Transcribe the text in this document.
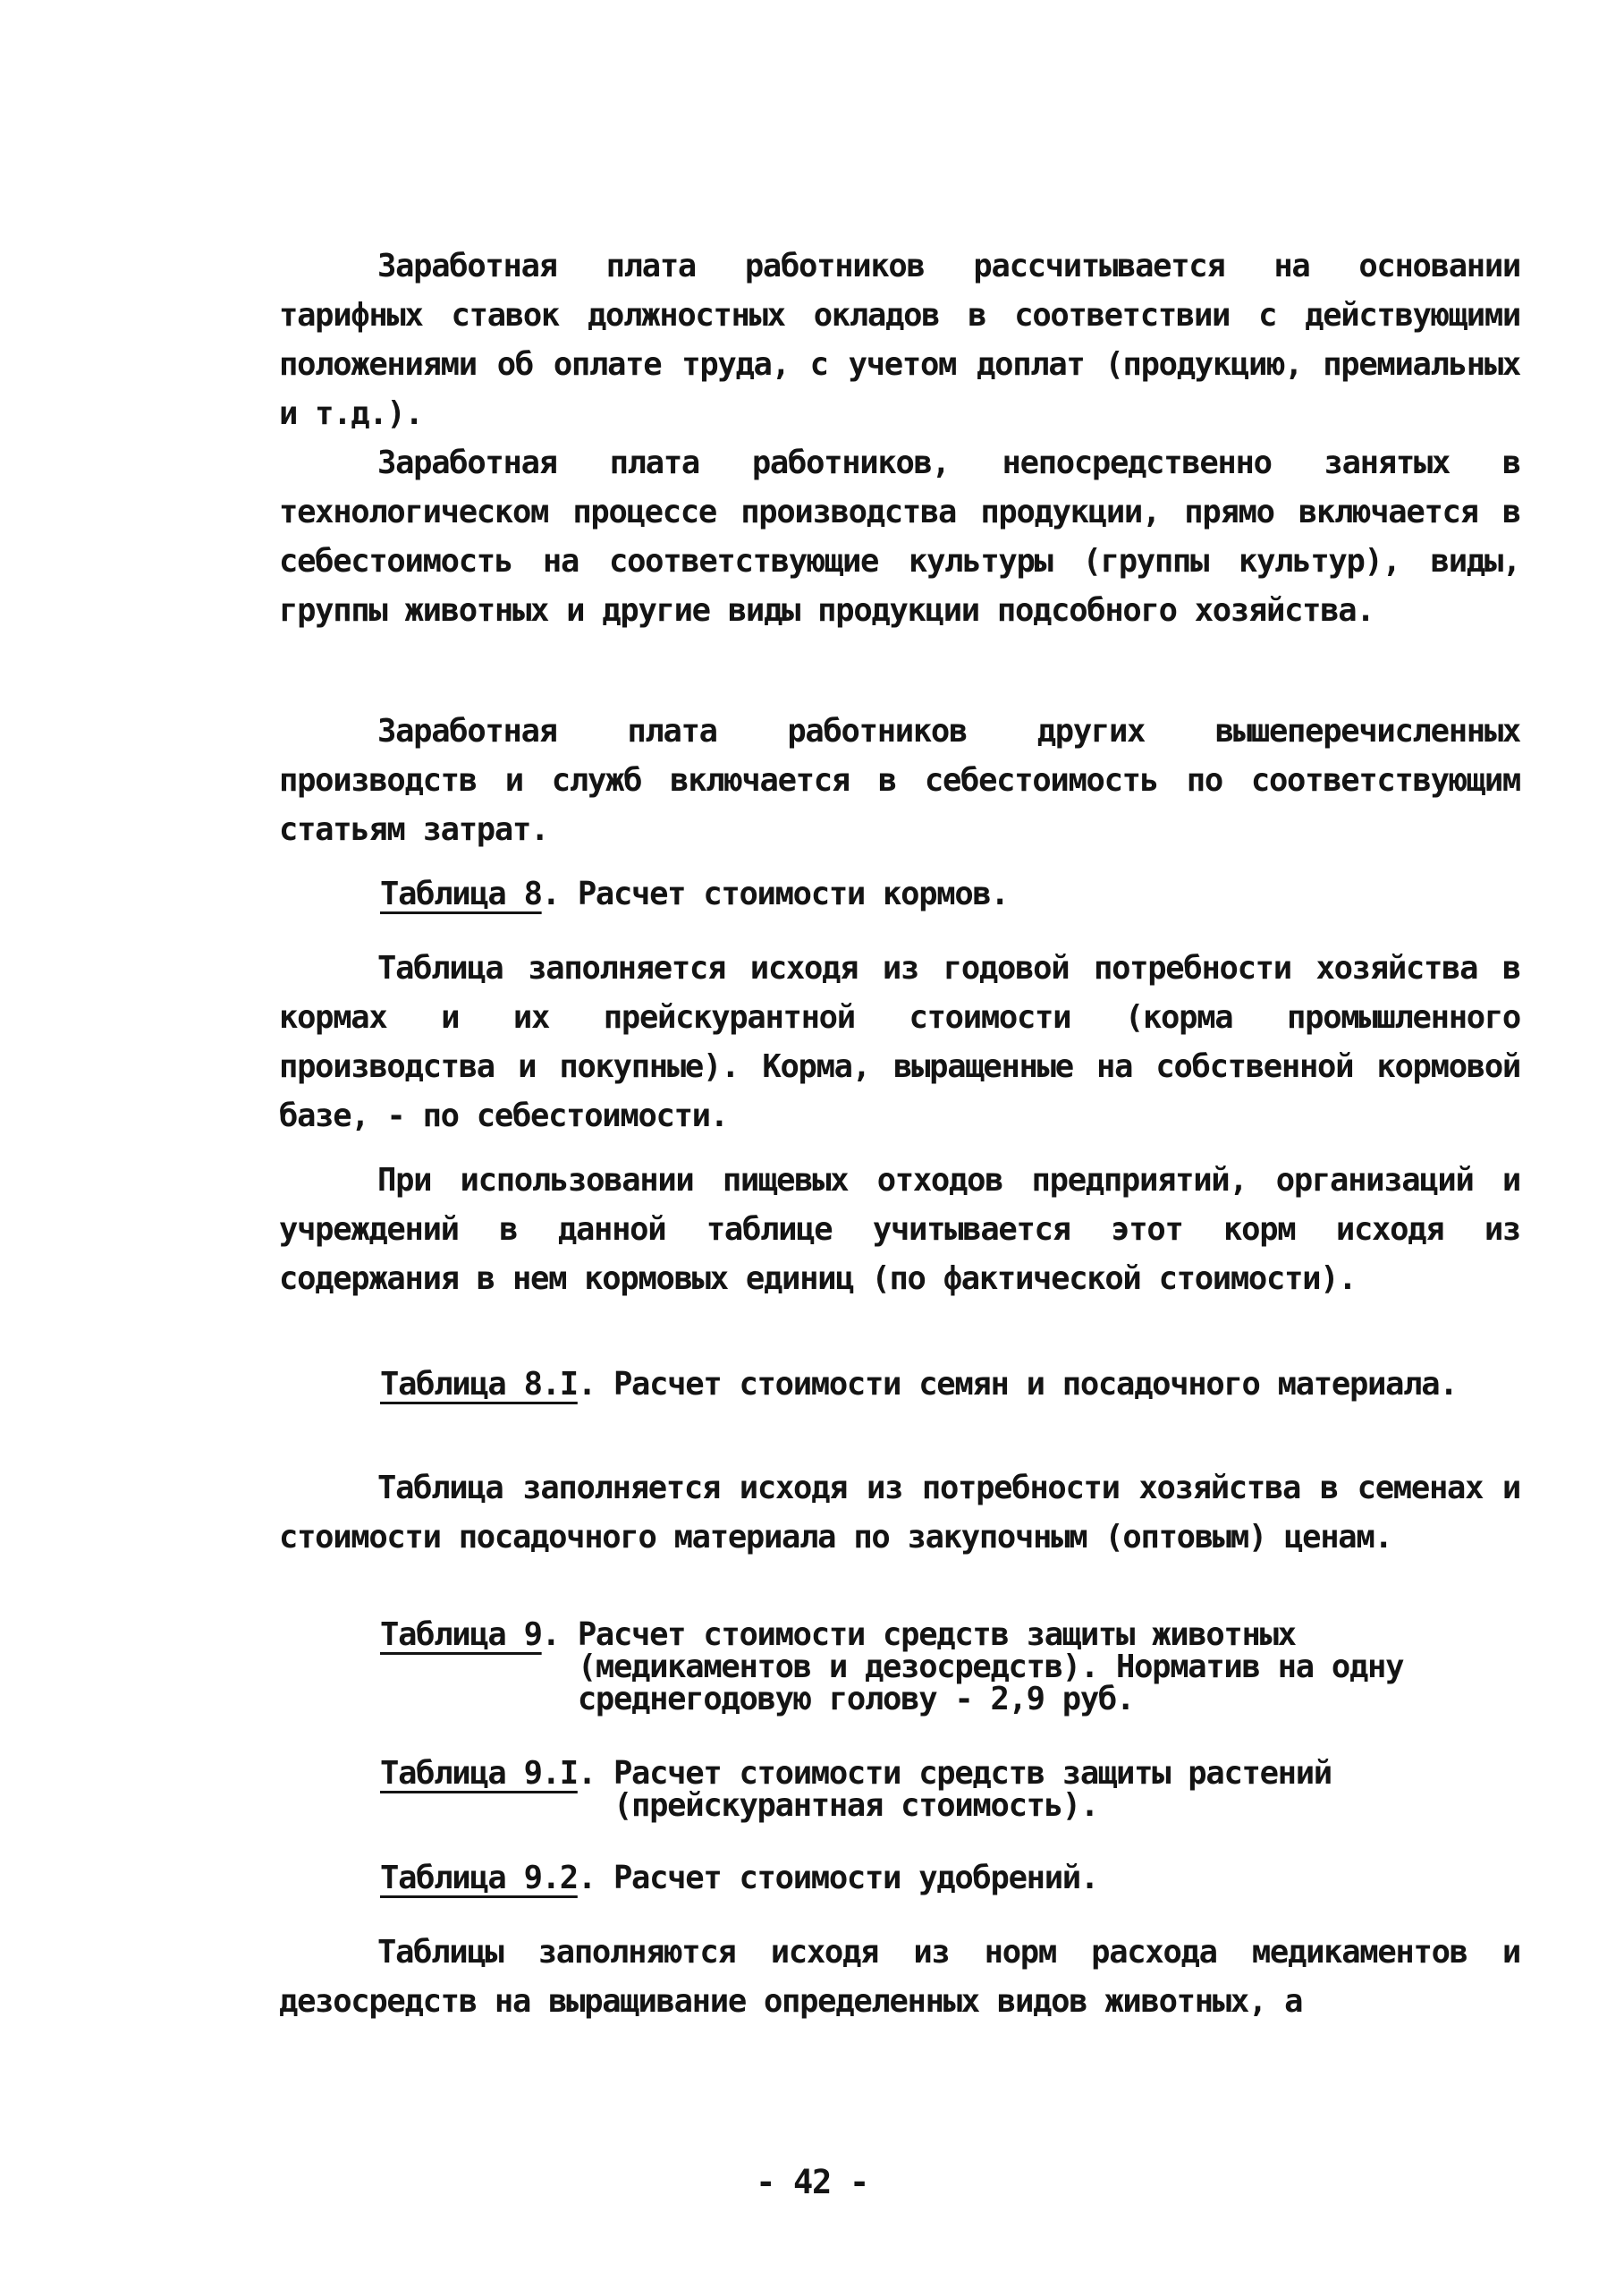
Заработная плата работников рассчитывается на основании тарифных ставок должностных окладов в соответствии с действующими положениями об оплате труда, с учетом доплат (продукцию, премиальных и т.д.).

Заработная плата работников, непосредственно занятых в технологическом процессе производства продукции, прямо включается в себестоимость на соответствующие культуры (группы культур), виды, группы животных и другие виды продукции подсобного хозяйства.

Заработная плата работников других вышеперечисленных производств и служб включается в себестоимость по соответствующим статьям затрат.

Таблица 8 . Расчет стоимости кормов.

Таблица заполняется исходя из годовой потребности хозяйства в кормах и их прейскурантной стоимости (корма промышленного производства и покупные). Корма, выращенные на собственной кормовой базе, - по себестоимости.

При использовании пищевых отходов предприятий, организаций и учреждений в данной таблице учитывается этот корм исходя из содержания в нем кормовых единиц (по фактической стоимости).

Таблица 8.I . Расчет стоимости семян и посадочного материала.

Таблица заполняется исходя из потребности хозяйства в семенах и стоимости посадочного материала по закупочным (оптовым) ценам.

Таблица 9 . Расчет стоимости средств защиты животных (медикаментов и дезосредств). Норматив на одну среднегодовую голову - 2,9 руб.
Таблица 9.I . Расчет стоимости средств защиты растений (прейскурантная стоимость).
Таблица 9.2 . Расчет стоимости удобрений.

Таблицы заполняются исходя из норм расхода медикаментов и дезосредств на выращивание определенных видов животных, а

- 42 -
